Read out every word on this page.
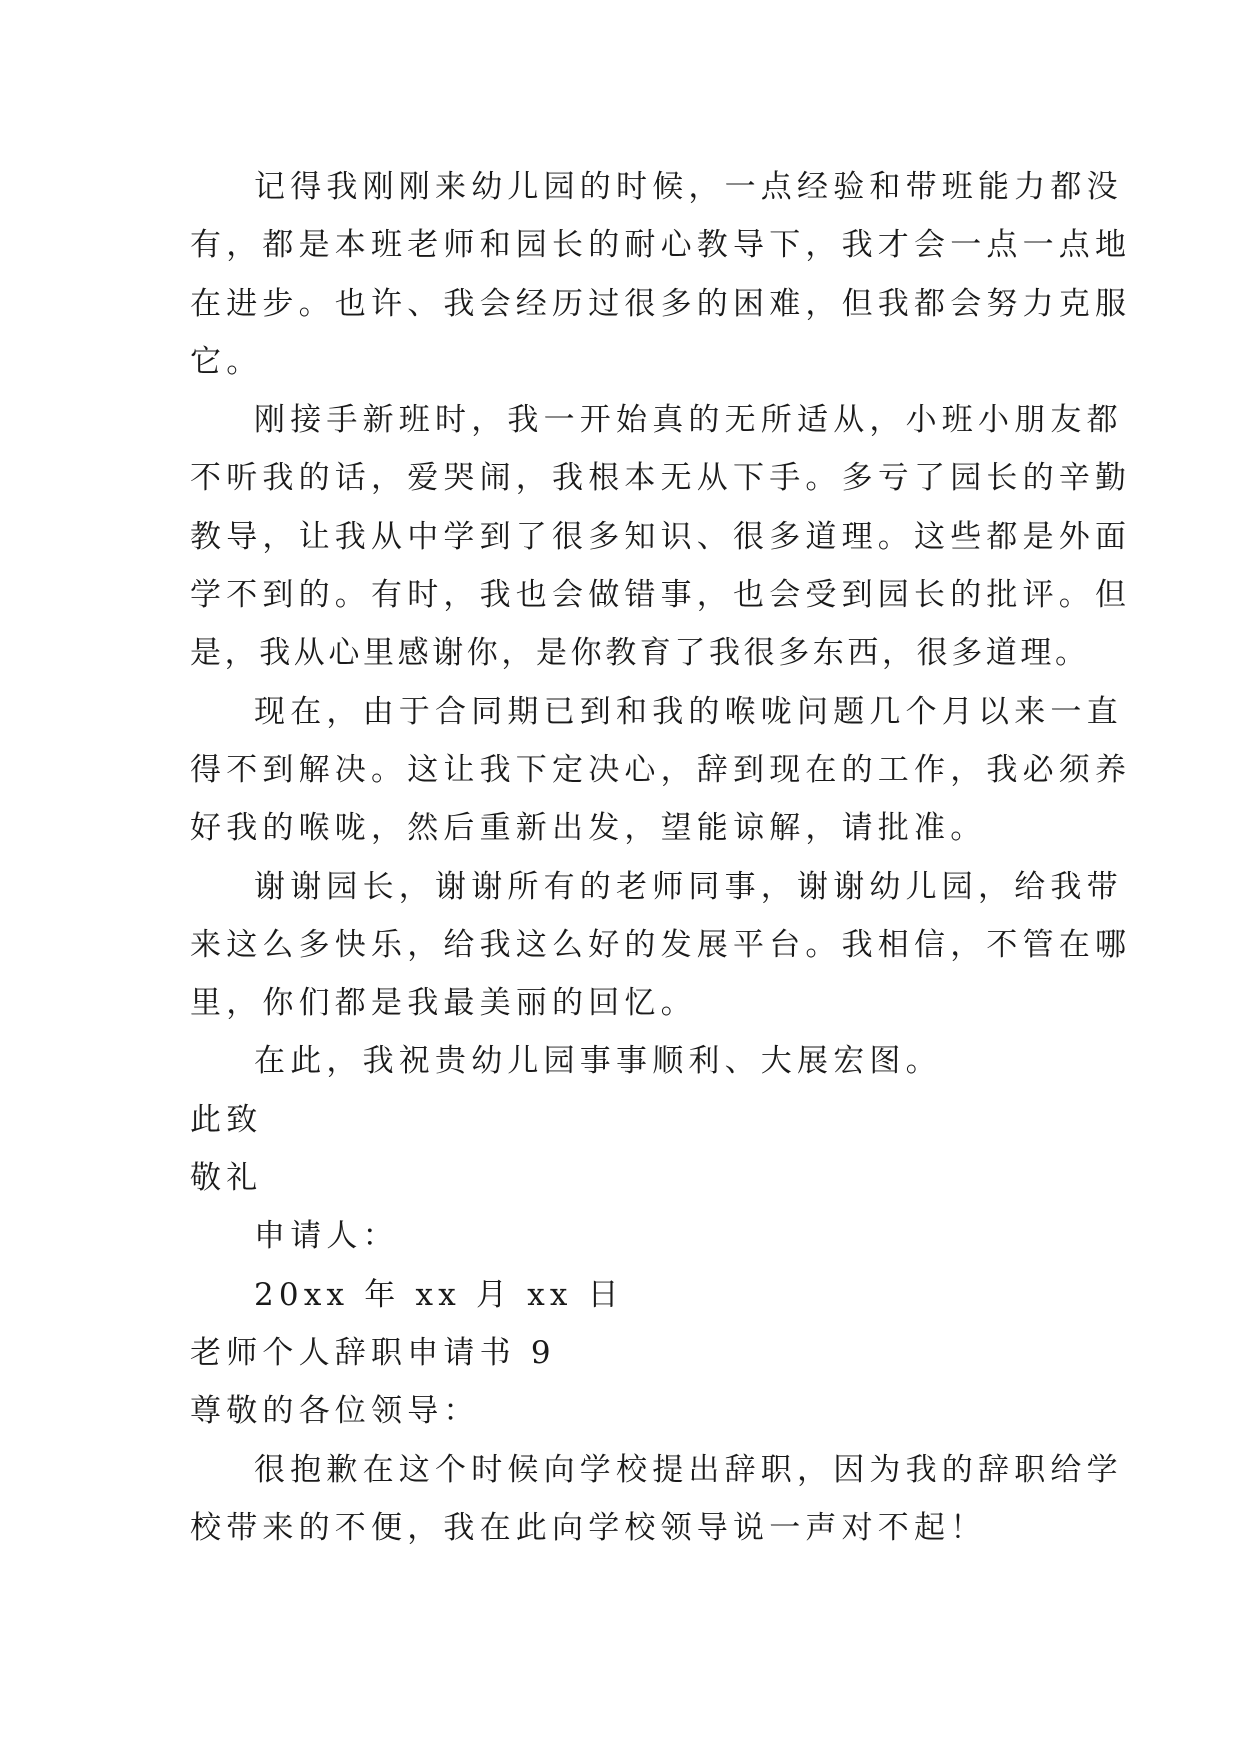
记得我刚刚来幼儿园的时候，一点经验和带班能力都没
有，都是本班老师和园长的耐心教导下，我才会一点一点地
在进步。也许、我会经历过很多的困难，但我都会努力克服
它。
刚接手新班时，我一开始真的无所适从，小班小朋友都
不听我的话，爱哭闹，我根本无从下手。多亏了园长的辛勤
教导，让我从中学到了很多知识、很多道理。这些都是外面
学不到的。有时，我也会做错事，也会受到园长的批评。但
是，我从心里感谢你，是你教育了我很多东西，很多道理。
现在，由于合同期已到和我的喉咙问题几个月以来一直
得不到解决。这让我下定决心，辞到现在的工作，我必须养
好我的喉咙，然后重新出发，望能谅解，请批准。
谢谢园长，谢谢所有的老师同事，谢谢幼儿园，给我带
来这么多快乐，给我这么好的发展平台。我相信，不管在哪
里，你们都是我最美丽的回忆。
在此，我祝贵幼儿园事事顺利、大展宏图。
此致
敬礼
申请人：
20xx 年 xx 月 xx 日
老师个人辞职申请书 9
尊敬的各位领导：
很抱歉在这个时候向学校提出辞职，因为我的辞职给学
校带来的不便，我在此向学校领导说一声对不起！
